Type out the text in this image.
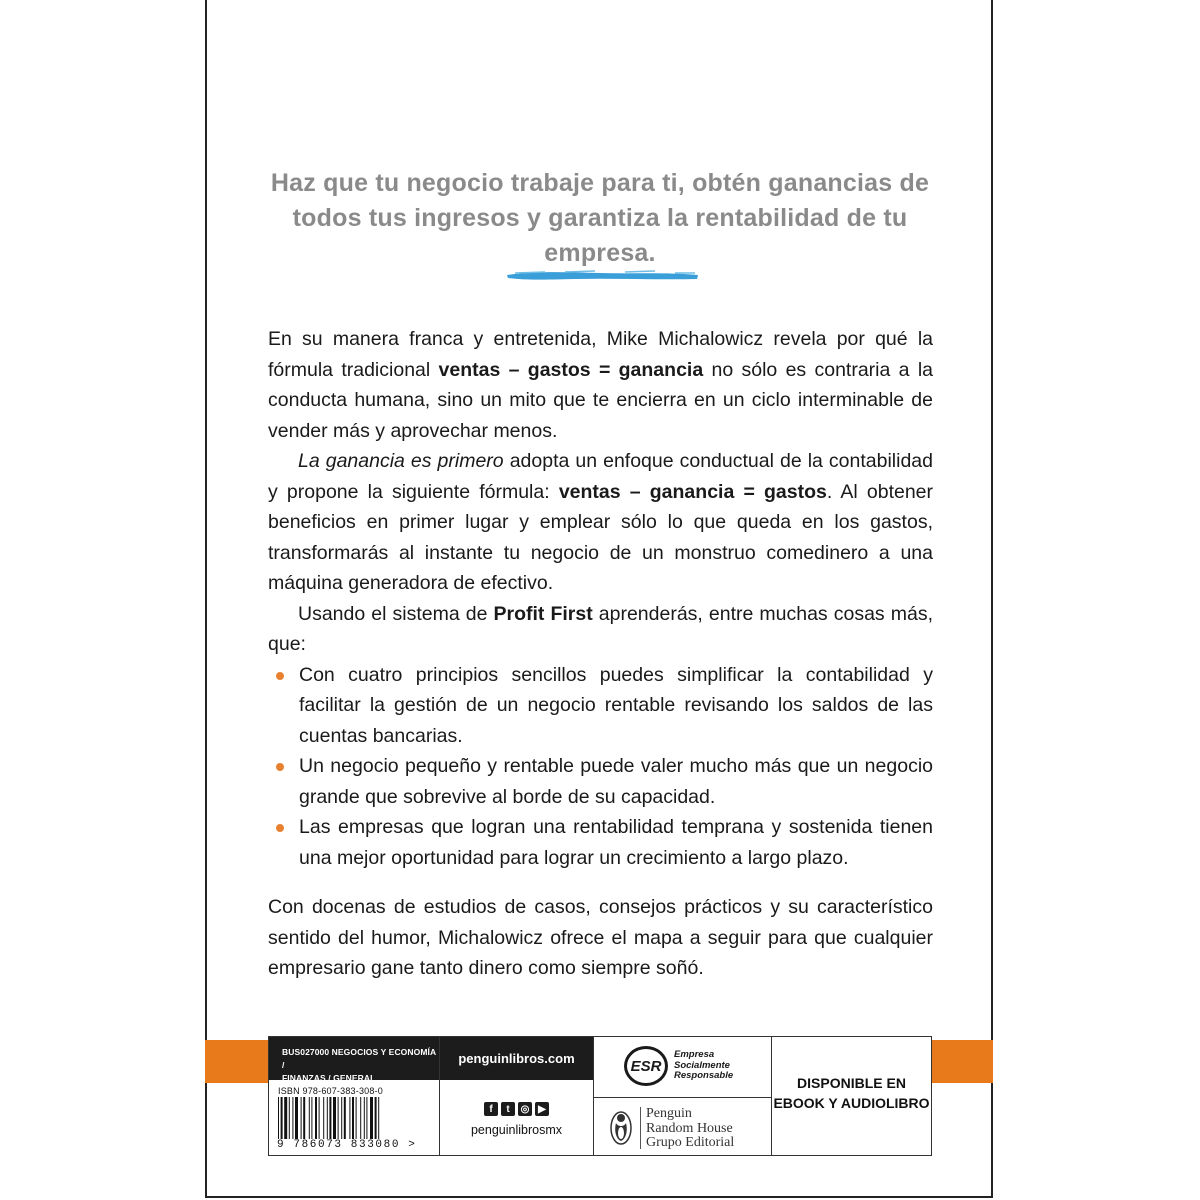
Haz que tu negocio trabaje para ti, obtén ganancias de
todos tus ingresos y garantiza la rentabilidad de tu empresa.

En su manera franca y entretenida, Mike Michalowicz revela por qué la fórmula tradicional ventas – gastos = ganancia no sólo es contraria a la conducta humana, sino un mito que te encierra en un ciclo interminable de vender más y aprovechar menos.

La ganancia es primero adopta un enfoque conductual de la contabilidad y propone la siguiente fórmula: ventas – ganancia = gastos. Al obtener beneficios en primer lugar y emplear sólo lo que queda en los gastos, transformarás al instante tu negocio de un monstruo comedinero a una máquina generadora de efectivo.

Usando el sistema de Profit First aprenderás, entre muchas cosas más, que:

Con cuatro principios sencillos puedes simplificar la contabilidad y facilitar la gestión de un negocio rentable revisando los saldos de las cuentas bancarias.
Un negocio pequeño y rentable puede valer mucho más que un negocio grande que sobrevive al borde de su capacidad.
Las empresas que logran una rentabilidad temprana y sostenida tienen una mejor oportunidad para lograr un crecimiento a largo plazo.

Con docenas de estudios de casos, consejos prácticos y su característico sentido del humor, Michalowicz ofrece el mapa a seguir para que cualquier empresario gane tanto dinero como siempre soñó.

BUS027000 NEGOCIOS Y ECONOMÍA /
FINANZAS / GENERAL
ISBN 978-607-383-308-0
9 786073 833080 >
penguinlibros.com
f	t	◎ ▶
penguinlibrosmx
ESR
Empresa
Socialmente
Responsable
Penguin
Random House
Grupo Editorial
DISPONIBLE EN
EBOOK Y AUDIOLIBRO
